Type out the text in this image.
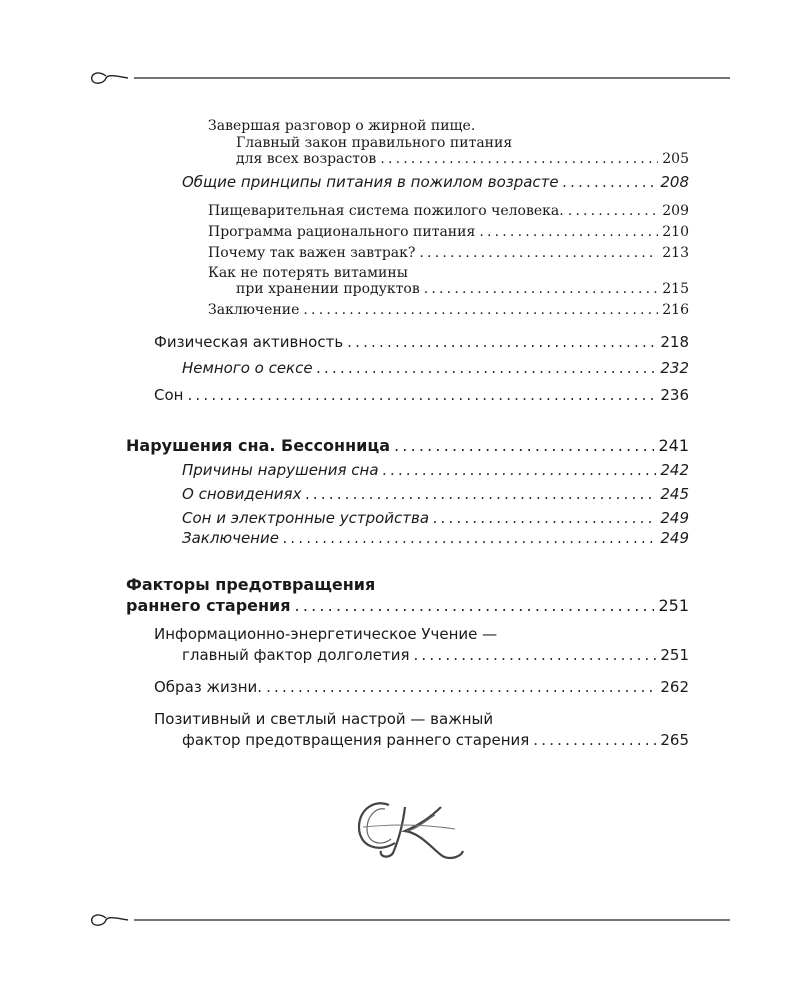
Завершая разговор о жирной пище.
Главный закон правильного питания
для всех возрастов .....	205
Общие принципы питания в пожилом возрасте .....	208
Пищеварительная система пожилого человека. .....	209
Программа рационального питания .....	210
Почему так важен завтрак? .....	213
Как не потерять витамины
при хранении продуктов .....	215
Заключение .....	216
Физическая активность .....	218
Немного о сексе .....	232
Сон .....	236
Нарушения сна. Бессонница .....	241
Причины нарушения сна .....	242
О сновидениях .....	245
Сон и электронные устройства .....	249
Заключение .....	249
Факторы предотвращения
раннего старения .....	251
Информационно-энергетическое Учение —
главный фактор долголетия .....	251
Образ жизни. .....	262
Позитивный и светлый настрой — важный
фактор предотвращения раннего старения .....	265
